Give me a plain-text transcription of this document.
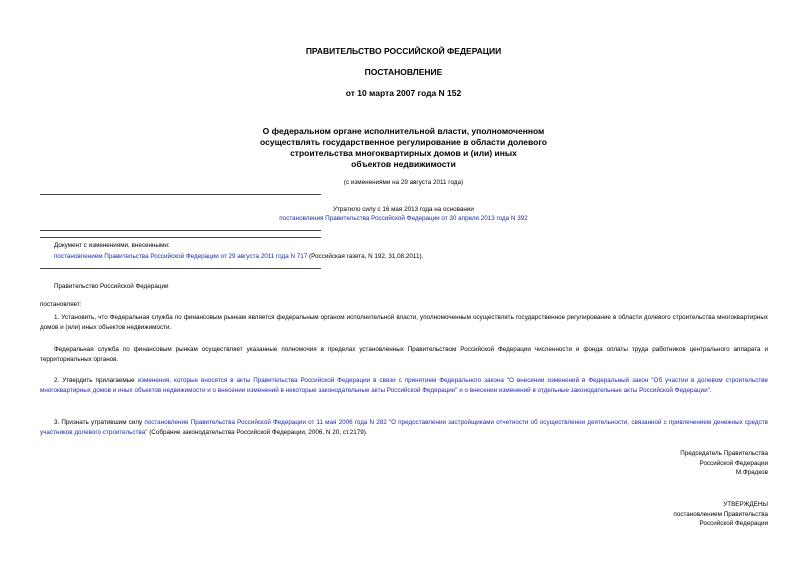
ПРАВИТЕЛЬСТВО РОССИЙСКОЙ ФЕДЕРАЦИИ
ПОСТАНОВЛЕНИЕ
от 10 марта 2007 года N 152
О федеральном органе исполнительной власти, уполномоченном
осуществлять государственное регулирование в области долевого
строительства многоквартирных домов и (или) иных
объектов недвижимости
(с изменениями на 29 августа 2011 года)
Утратило силу с 16 мая 2013 года на основании
постановления Правительства Российской Федерации от 30 апреля 2013 года N 392
Документ с изменениями, внесенными:
постановлением Правительства Российской Федерации от 29 августа 2011 года N 717 (Российская газета, N 192, 31.08.2011).
Правительство Российской Федерации
постановляет:
1. Установить, что Федеральная служба по финансовым рынкам является федеральным органом исполнительной власти, уполномоченным осуществлять государственное регулирование в области долевого строительства многоквартирных домов и (или) иных объектов недвижимости.
Федеральная служба по финансовым рынкам осуществляет указанные полномочия в пределах установленных Правительством Российской Федерации численности и фонда оплаты труда работников центрального аппарата и территориальных органов.
2. Утвердить прилагаемые изменения, которые вносятся в акты Правительства Российской Федерации в связи с принятием Федерального закона "О внесении изменений в Федеральный закон "Об участии в долевом строительстве многоквартирных домов и иных объектов недвижимости и о внесении изменений в некоторые законодательные акты Российской Федерации" и о внесении изменений в отдельные законодательные акты Российской Федерации".
3. Признать утратившим силу постановление Правительства Российской Федерации от 11 мая 2006 года N 282 "О предоставлении застройщиками отчетности об осуществлении деятельности, связанной с привлечением денежных средств участников долевого строительства" (Собрание законодательства Российской Федерации, 2006, N 20, ст.2179).
Председатель Правительства
Российской Федерации
М.Фрадков
УТВЕРЖДЕНЫ
постановлением Правительства
Российской Федерации
